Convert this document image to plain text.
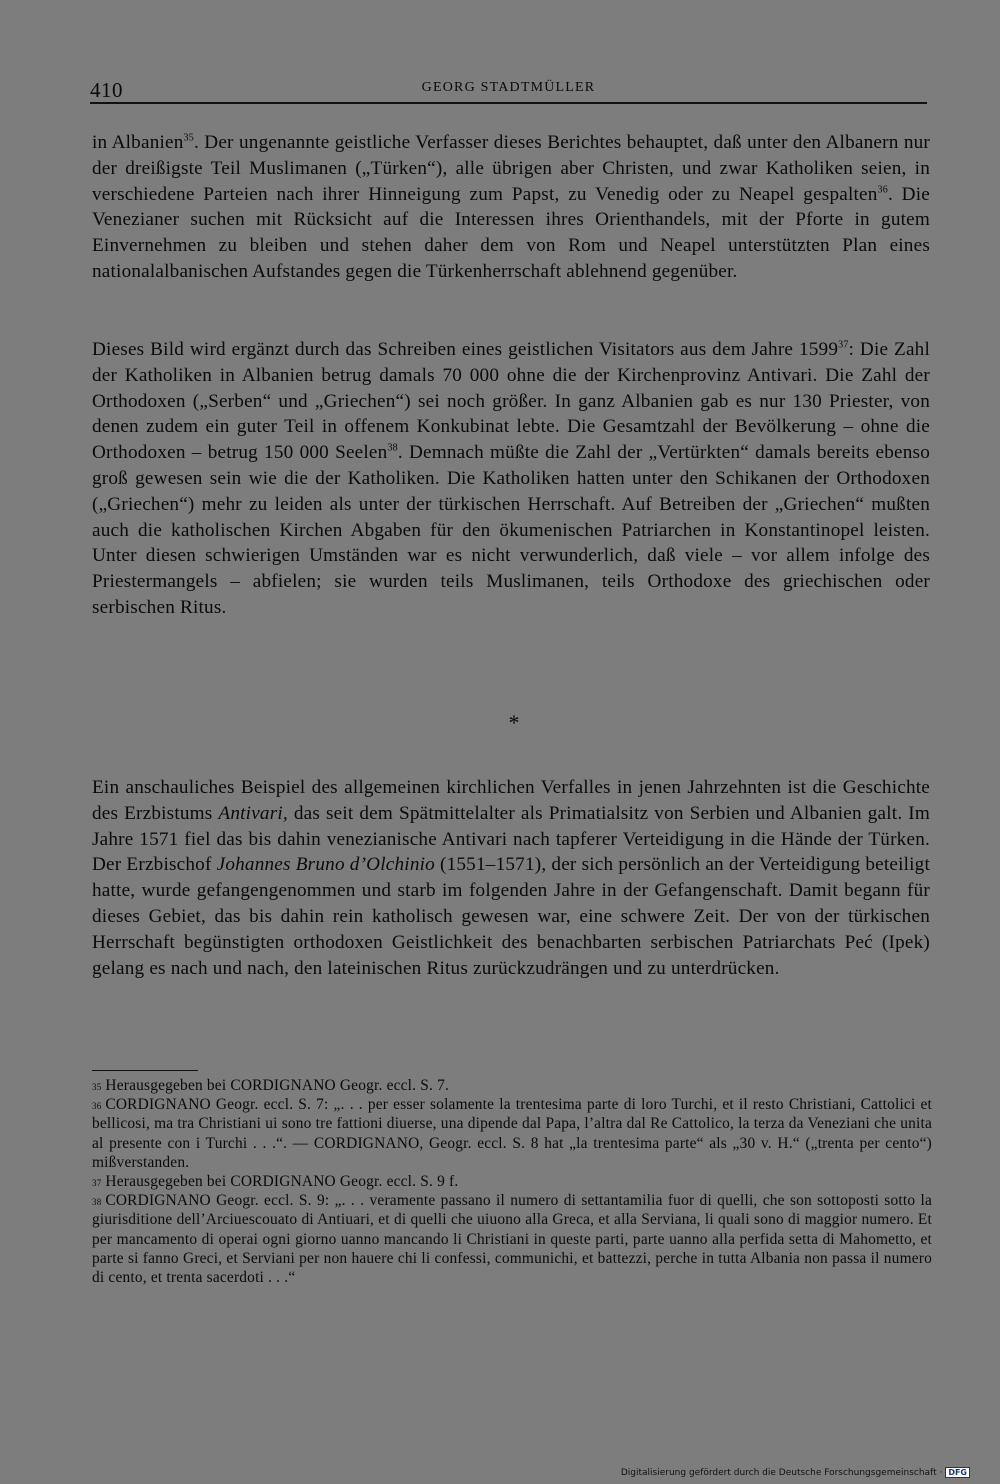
410	GEORG STADTMÜLLER

in Albanien$^{35}$. Der ungenannte geistliche Verfasser dieses Berichtes behauptet, daß unter den Albanern nur der dreißigste Teil Muslimanen („Türken“), alle übrigen aber Christen, und zwar Katholiken seien, in verschiedene Parteien nach ihrer Hinneigung zum Papst, zu Venedig oder zu Neapel gespalten$^{36}$. Die Venezianer suchen mit Rücksicht auf die Interessen ihres Orienthandels, mit der Pforte in gutem Einvernehmen zu bleiben und stehen daher dem von Rom und Neapel unterstützten Plan eines nationalalbanischen Aufstandes gegen die Türkenherrschaft ablehnend gegenüber.

Dieses Bild wird ergänzt durch das Schreiben eines geistlichen Visitators aus dem Jahre 1599$^{37}$: Die Zahl der Katholiken in Albanien betrug damals 70 000 ohne die der Kirchenprovinz Antivari. Die Zahl der Orthodoxen („Serben“ und „Griechen“) sei noch größer. In ganz Albanien gab es nur 130 Priester, von denen zudem ein guter Teil in offenem Konkubinat lebte. Die Gesamtzahl der Bevölkerung – ohne die Orthodoxen – betrug 150 000 Seelen$^{38}$. Demnach müßte die Zahl der „Vertürkten“ damals bereits ebenso groß gewesen sein wie die der Katholiken. Die Katholiken hatten unter den Schikanen der Orthodoxen („Griechen“) mehr zu leiden als unter der türkischen Herrschaft. Auf Betreiben der „Griechen“ mußten auch die katholischen Kirchen Abgaben für den ökumenischen Patriarchen in Konstantinopel leisten. Unter diesen schwierigen Umständen war es nicht verwunderlich, daß viele – vor allem infolge des Priestermangels – abfielen; sie wurden teils Muslimanen, teils Orthodoxe des griechischen oder serbischen Ritus.

*

Ein anschauliches Beispiel des allgemeinen kirchlichen Verfalles in jenen Jahrzehnten ist die Geschichte des Erzbistums Antivari, das seit dem Spätmittelalter als Primatialsitz von Serbien und Albanien galt. Im Jahre 1571 fiel das bis dahin venezianische Antivari nach tapferer Verteidigung in die Hände der Türken. Der Erzbischof Johannes Bruno d’Olchinio (1551–1571), der sich persönlich an der Verteidigung beteiligt hatte, wurde gefangengenommen und starb im folgenden Jahre in der Gefangenschaft. Damit begann für dieses Gebiet, das bis dahin rein katholisch gewesen war, eine schwere Zeit. Der von der türkischen Herrschaft begünstigten orthodoxen Geistlichkeit des benachbarten serbischen Patriarchats Peć (Ipek) gelang es nach und nach, den lateinischen Ritus zurückzudrängen und zu unterdrücken.

$^{35}$ Herausgegeben bei CORDIGNANO Geogr. eccl. S. 7.

$^{36}$ CORDIGNANO Geogr. eccl. S. 7: „. . . per esser solamente la trentesima parte di loro Turchi, et il resto Christiani, Cattolici et bellicosi, ma tra Christiani ui sono tre fattioni diuerse, una dipende dal Papa, l’altra dal Re Cattolico, la terza da Veneziani che unita al presente con i Turchi . . .“. — CORDIGNANO, Geogr. eccl. S. 8 hat „la trentesima parte“ als „30 v. H.“ („trenta per cento“) mißverstanden.

$^{37}$ Herausgegeben bei CORDIGNANO Geogr. eccl. S. 9 f.

$^{38}$ CORDIGNANO Geogr. eccl. S. 9: „. . . veramente passano il numero di settantamilia fuor di quelli, che son sottoposti sotto la giurisditione dell’Arciuescouato di Antiuari, et di quelli che uiuono alla Greca, et alla Serviana, li quali sono di maggior numero. Et per mancamento di operai ogni giorno uanno mancando li Christiani in queste parti, parte uanno alla perfida setta di Mahometto, et parte si fanno Greci, et Serviani per non hauere chi li confessi, communichi, et battezzi, perche in tutta Albania non passa il numero di cento, et trenta sacerdoti . . .“

Digitalisierung gefördert durch die Deutsche Forschungsgemeinschaft · DFG
